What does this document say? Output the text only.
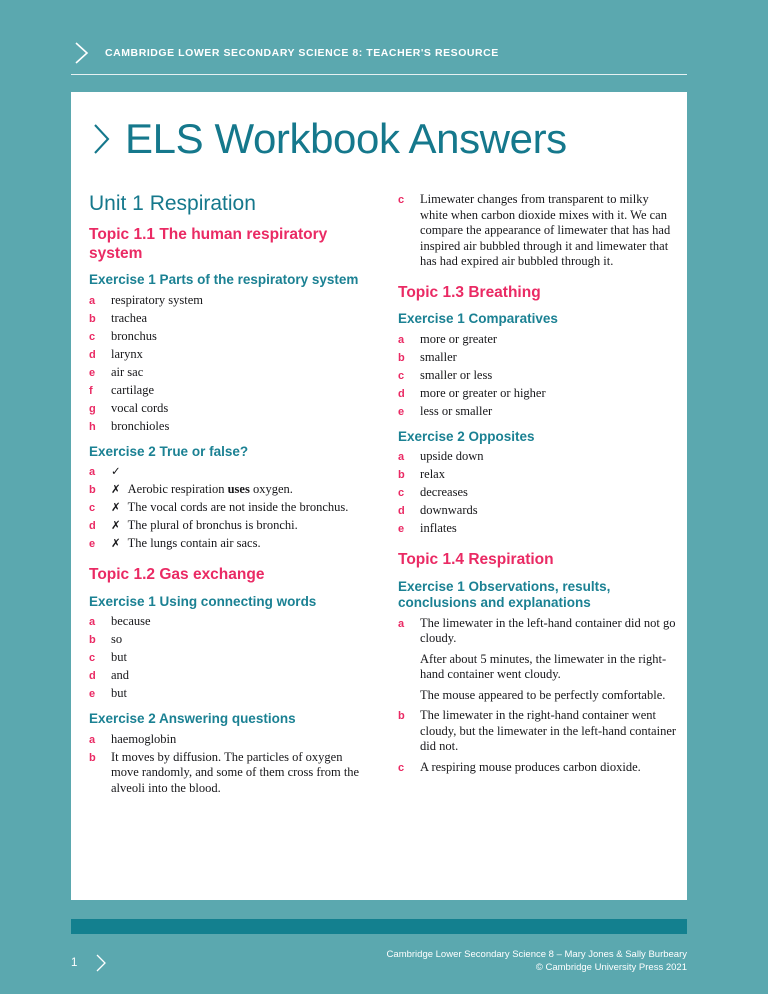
CAMBRIDGE LOWER SECONDARY SCIENCE 8: TEACHER'S RESOURCE
ELS Workbook Answers
Unit 1 Respiration
Topic 1.1 The human respiratory system
Exercise 1 Parts of the respiratory system
a	respiratory system
b	trachea
c	bronchus
d	larynx
e	air sac
f	cartilage
g	vocal cords
h	bronchioles
Exercise 2 True or false?
a	✓
b	✗ Aerobic respiration uses oxygen.
c	✗ The vocal cords are not inside the bronchus.
d	✗ The plural of bronchus is bronchi.
e	✗ The lungs contain air sacs.
Topic 1.2 Gas exchange
Exercise 1 Using connecting words
a	because
b	so
c	but
d	and
e	but
Exercise 2 Answering questions
a	haemoglobin
b	It moves by diffusion. The particles of oxygen move randomly, and some of them cross from the alveoli into the blood.
c	Limewater changes from transparent to milky white when carbon dioxide mixes with it. We can compare the appearance of limewater that has had inspired air bubbled through it and limewater that has had expired air bubbled through it.
Topic 1.3 Breathing
Exercise 1 Comparatives
a	more or greater
b	smaller
c	smaller or less
d	more or greater or higher
e	less or smaller
Exercise 2 Opposites
a	upside down
b	relax
c	decreases
d	downwards
e	inflates
Topic 1.4 Respiration
Exercise 1 Observations, results, conclusions and explanations
a	The limewater in the left-hand container did not go cloudy.

After about 5 minutes, the limewater in the right-hand container went cloudy.

The mouse appeared to be perfectly comfortable.

b	The limewater in the right-hand container went cloudy, but the limewater in the left-hand container did not.
c	A respiring mouse produces carbon dioxide.
1
Cambridge Lower Secondary Science 8 – Mary Jones & Sally Burbeary
© Cambridge University Press 2021
